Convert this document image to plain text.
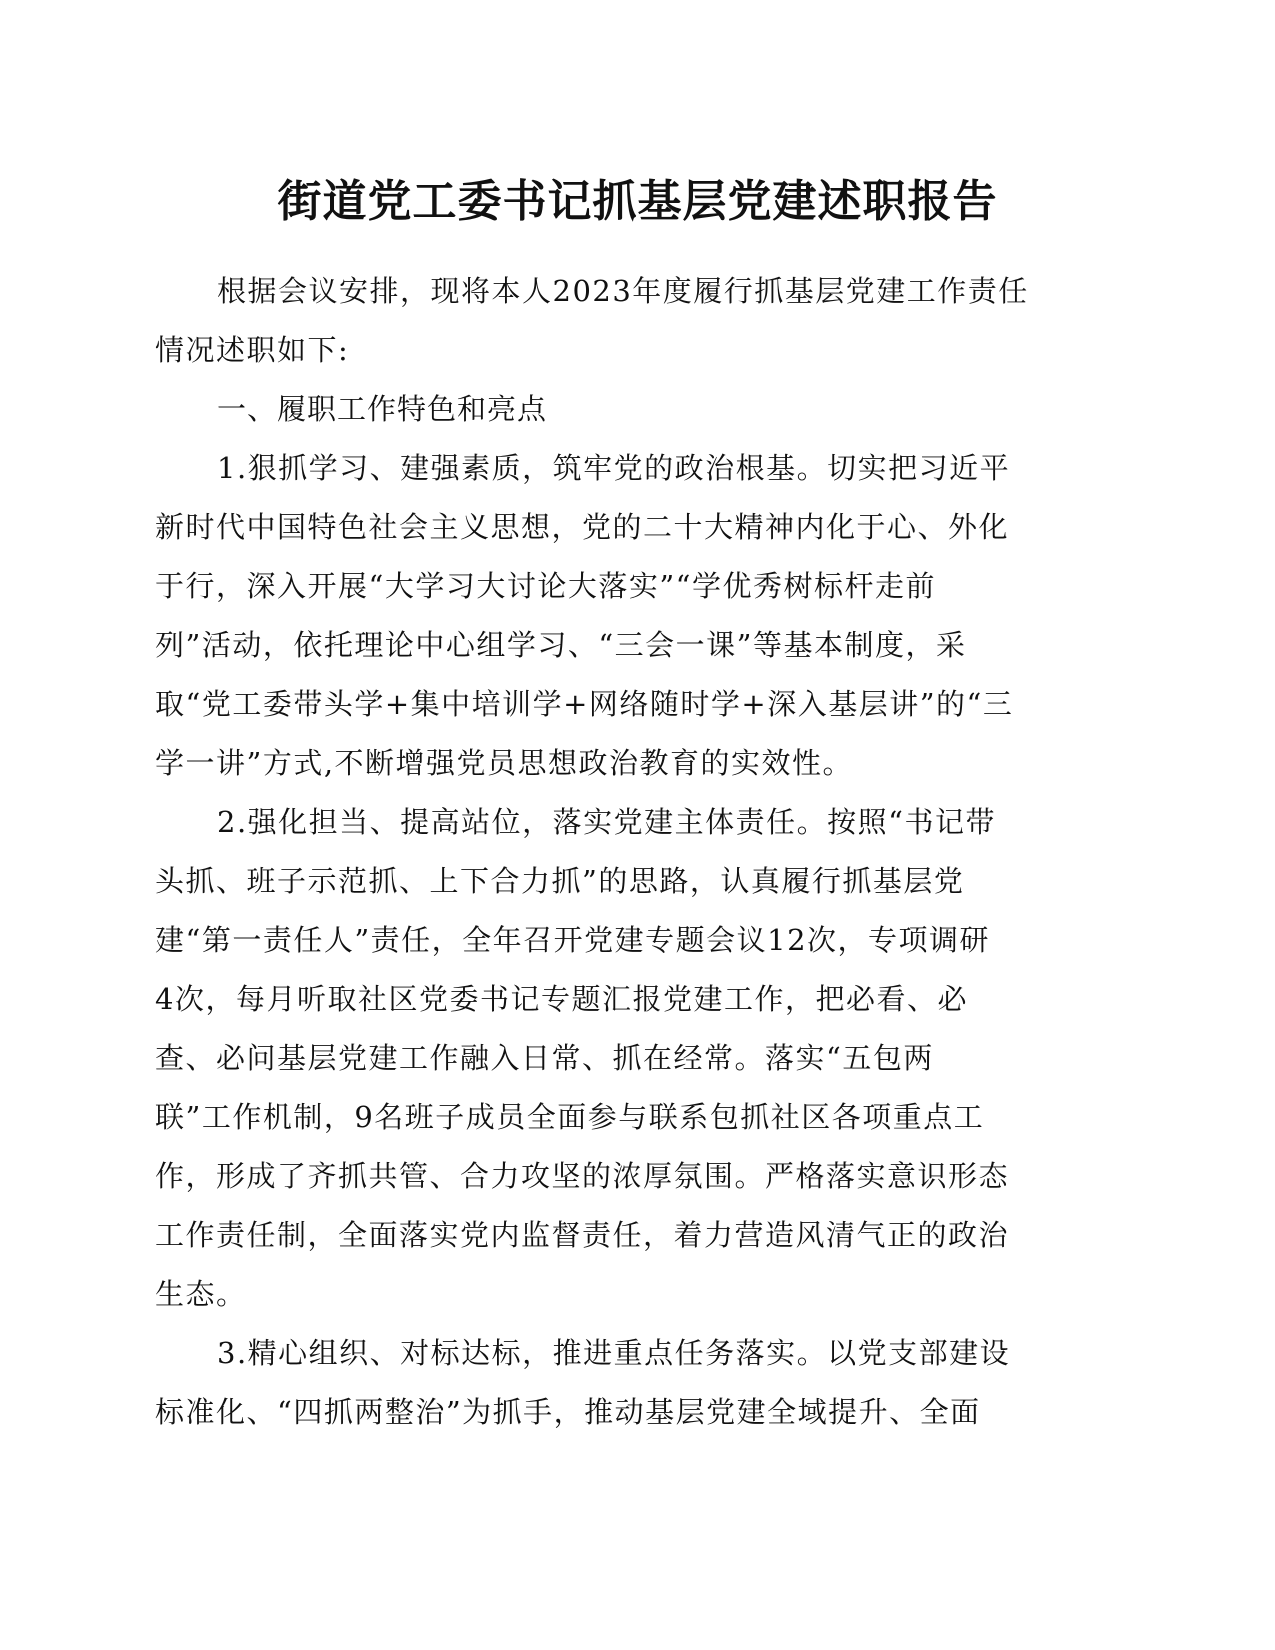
街道党工委书记抓基层党建述职报告
根据会议安排，现将本人2023年度履行抓基层党建工作责任
情况述职如下:
一、履职工作特色和亮点
1.狠抓学习、建强素质，筑牢党的政治根基。切实把习近平
新时代中国特色社会主义思想，党的二十大精神内化于心、外化
于行，深入开展“大学习大讨论大落实”“学优秀树标杆走前
列”活动，依托理论中心组学习、“三会一课”等基本制度，采
取“党工委带头学+集中培训学+网络随时学+深入基层讲”的“三
学一讲”方式,不断增强党员思想政治教育的实效性。
2.强化担当、提高站位，落实党建主体责任。按照“书记带
头抓、班子示范抓、上下合力抓”的思路，认真履行抓基层党
建“第一责任人”责任，全年召开党建专题会议12次，专项调研
4次，每月听取社区党委书记专题汇报党建工作，把必看、必
查、必问基层党建工作融入日常、抓在经常。落实“五包两
联”工作机制，9名班子成员全面参与联系包抓社区各项重点工
作，形成了齐抓共管、合力攻坚的浓厚氛围。严格落实意识形态
工作责任制，全面落实党内监督责任，着力营造风清气正的政治
生态。
3.精心组织、对标达标，推进重点任务落实。以党支部建设
标准化、“四抓两整治”为抓手，推动基层党建全域提升、全面
